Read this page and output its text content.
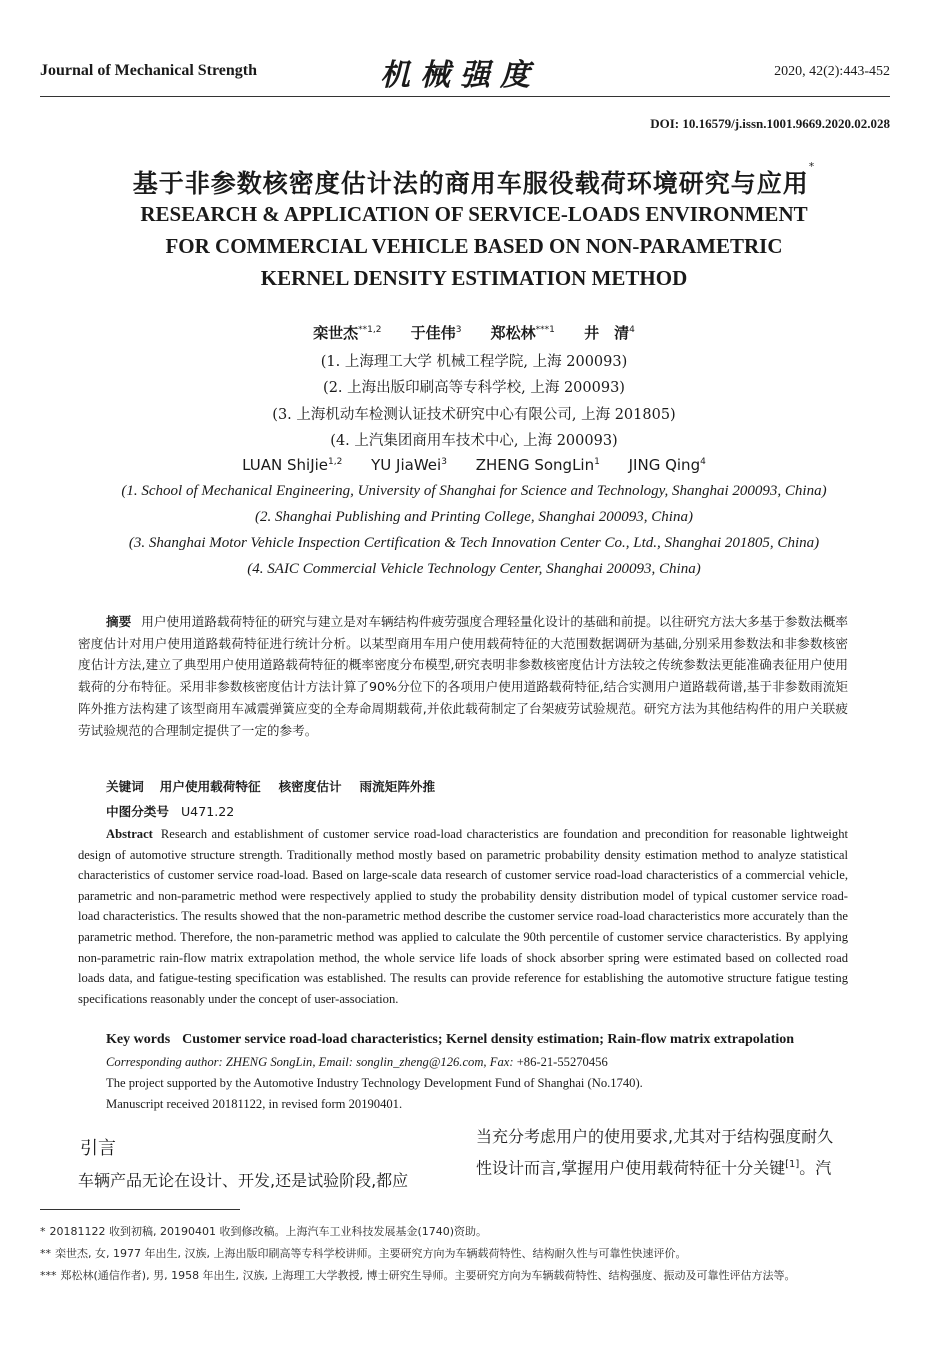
Journal of Mechanical Strength	机械强度	2020, 42(2):443-452
DOI: 10.16579/j.issn.1001.9669.2020.02.028
基于非参数核密度估计法的商用车服役载荷环境研究与应用*
RESEARCH & APPLICATION OF SERVICE-LOADS ENVIRONMENT
FOR COMMERCIAL VEHICLE BASED ON NON-PARAMETRIC
KERNEL DENSITY ESTIMATION METHOD
栾世杰$^{**1,2}$ 于佳伟$^3$ 郑松林$^{***1}$ 井　清$^4$
(1. 上海理工大学 机械工程学院, 上海 200093)
(2. 上海出版印刷高等专科学校, 上海 200093)
(3. 上海机动车检测认证技术研究中心有限公司, 上海 201805)
(4. 上汽集团商用车技术中心, 上海 200093)
LUAN ShiJie$^{1,2}$ YU JiaWei$^3$ ZHENG SongLin$^1$ JING Qing$^4$
(1. School of Mechanical Engineering, University of Shanghai for Science and Technology, Shanghai 200093, China)
(2. Shanghai Publishing and Printing College, Shanghai 200093, China)
(3. Shanghai Motor Vehicle Inspection Certification & Tech Innovation Center Co., Ltd., Shanghai 201805, China)
(4. SAIC Commercial Vehicle Technology Center, Shanghai 200093, China)
摘要 用户使用道路载荷特征的研究与建立是对车辆结构件疲劳强度合理轻量化设计的基础和前提。以往研究方法大多基于参数法概率密度估计对用户使用道路载荷特征进行统计分析。以某型商用车用户使用载荷特征的大范围数据调研为基础,分别采用参数法和非参数核密度估计方法,建立了典型用户使用道路载荷特征的概率密度分布模型,研究表明非参数核密度估计方法较之传统参数法更能准确表征用户使用载荷的分布特征。采用非参数核密度估计方法计算了90%分位下的各项用户使用道路载荷特征,结合实测用户道路载荷谱,基于非参数雨流矩阵外推方法构建了该型商用车减震弹簧应变的全寿命周期载荷,并依此载荷制定了台架疲劳试验规范。研究方法为其他结构件的用户关联疲劳试验规范的合理制定提供了一定的参考。
关键词 用户使用载荷特征 核密度估计 雨流矩阵外推
中图分类号 U471.22
Abstract Research and establishment of customer service road-load characteristics are foundation and precondition for reasonable lightweight design of automotive structure strength. Traditionally method mostly based on parametric probability density estimation method to analyze statistical characteristics of customer service road-load. Based on large-scale data research of customer service road-load characteristics of a commercial vehicle, parametric and non-parametric method were respectively applied to study the probability density distribution model of typical customer service road-load characteristics. The results showed that the non-parametric method describe the customer service road-load characteristics more accurately than the parametric method. Therefore, the non-parametric method was applied to calculate the 90th percentile of customer service characteristics. By applying non-parametric rain-flow matrix extrapolation method, the whole service life loads of shock absorber spring were estimated based on collected road loads data, and fatigue-testing specification was established. The results can provide reference for establishing the automotive structure fatigue testing specifications reasonably under the concept of user-association.
Key words Customer service road-load characteristics; Kernel density estimation; Rain-flow matrix extrapolation
Corresponding author: ZHENG SongLin, Email: songlin_zheng@126.com, Fax: +86-21-55270456
The project supported by the Automotive Industry Technology Development Fund of Shanghai (No.1740).
Manuscript received 20181122, in revised form 20190401.
引言
车辆产品无论在设计、开发,还是试验阶段,都应
当充分考虑用户的使用要求,尤其对于结构强度耐久
性设计而言,掌握用户使用载荷特征十分关键[1]。汽
* 20181122 收到初稿, 20190401 收到修改稿。上海汽车工业科技发展基金(1740)资助。
** 栾世杰, 女, 1977 年出生, 汉族, 上海出版印刷高等专科学校讲师。主要研究方向为车辆载荷特性、结构耐久性与可靠性快速评价。
*** 郑松林(通信作者), 男, 1958 年出生, 汉族, 上海理工大学教授, 博士研究生导师。主要研究方向为车辆载荷特性、结构强度、振动及可靠性评估方法等。
